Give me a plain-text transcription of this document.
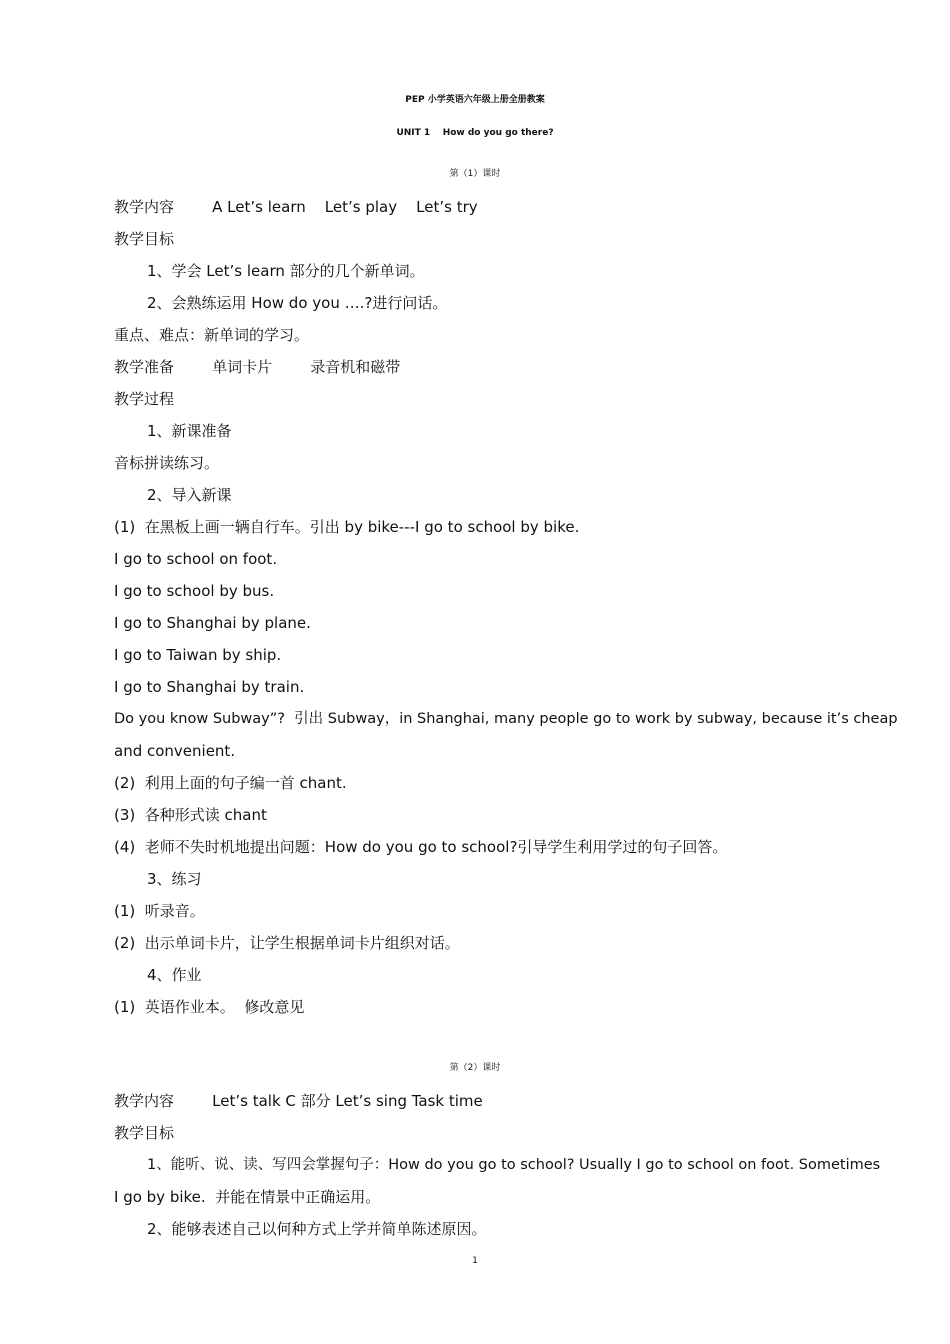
PEP 小学英语六年级上册全册教案
UNIT 1    How do you go there?
第（1）课时
教学内容        A Let’s learn    Let’s play    Let’s try
教学目标
1、学会 Let’s learn 部分的几个新单词。
2、会熟练运用 How do you ….?进行问话。
重点、难点：新单词的学习。
教学准备        单词卡片        录音机和磁带
教学过程
1、新课准备
音标拼读练习。
2、导入新课
(1)  在黑板上画一辆自行车。引出 by bike---I go to school by bike.
I go to school on foot.
I go to school by bus.
I go to Shanghai by plane.
I go to Taiwan by ship.
I go to Shanghai by train.
Do you know Subway”?  引出 Subway，in Shanghai, many people go to work by subway, because it’s cheap
and convenient.
(2)  利用上面的句子编一首 chant.
(3)  各种形式读 chant
(4)  老师不失时机地提出问题：How do you go to school?引导学生利用学过的句子回答。
3、练习
(1)  听录音。
(2)  出示单词卡片，让学生根据单词卡片组织对话。
4、作业
(1)  英语作业本。  修改意见
第（2）课时
教学内容        Let’s talk C 部分 Let’s sing Task time
教学目标
1、能听、说、读、写四会掌握句子：How do you go to school? Usually I go to school on foot. Sometimes
I go by bike.  并能在情景中正确运用。
2、能够表述自己以何种方式上学并简单陈述原因。
1
